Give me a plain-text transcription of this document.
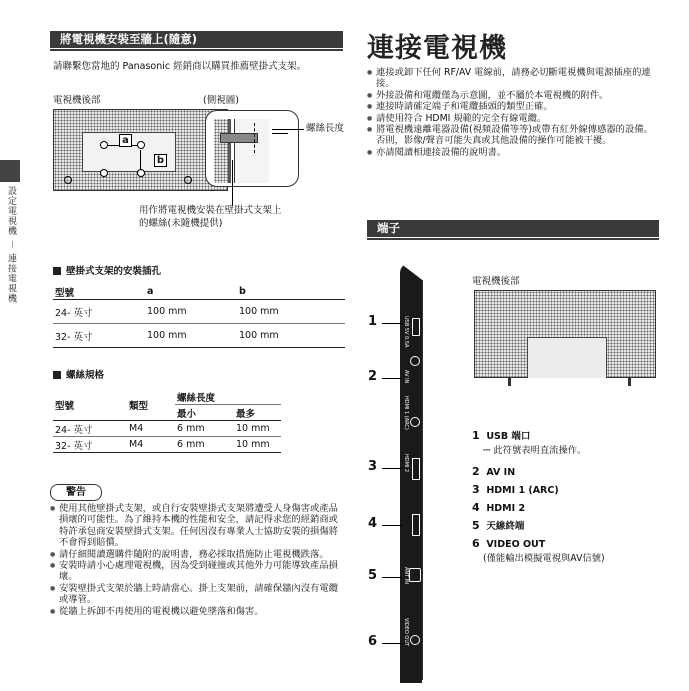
設定電視機 － 連接電視機
將電視機安裝至牆上(隨意)
請聯繫您當地的 Panasonic 經銷商以購買推薦壁掛式支架。
電視機後部	(側視圖)
a
b
螺絲長度
用作將電視機安裝在壁掛式支架上
的螺絲(未隨機提供)
壁掛式支架的安裝插孔
型號	a	b
24- 英寸	100 mm	100 mm
32- 英寸	100 mm	100 mm
螺絲規格
型號	類型	螺絲長度	
		最小	最多
24- 英寸	M4	6 mm	10 mm
32- 英寸	M4	6 mm	10 mm
警告
● 使用其他壁掛式支架，或自行安裝壁掛式支架將遭受人身傷害或產品損壞的可能性。為了維持本機的性能和安全，請記得求您的經銷商或特許承包商安裝壁掛式支架。任何因沒有專業人士協助安裝的損傷將不會得到賠償。
● 請仔細閱讀選購件隨附的說明書，務必採取措施防止電視機跌落。
● 安裝時請小心處理電視機，因為受到碰撞或其他外力可能導致產品損壞。
● 安裝壁掛式支架於牆上時請當心。掛上支架前，請確保牆內沒有電纜或導管。
● 從牆上拆卸不再使用的電視機以避免墜落和傷害。
連接電視機
● 連接或卸下任何 RF/AV 電線前，請務必切斷電視機與電源插座的連接。
● 外接設備和電纜僅為示意圖，並不屬於本電視機的附件。
● 連接時請確定端子和電纜插頭的類型正確。
● 請使用符合 HDMI 規範的完全有線電纜。
● 將電視機遠離電器設備(視頻設備等等)或帶有紅外線傳感器的設備。否則，影像/聲音可能失真或其他設備的操作可能被干擾。
● 亦請閱讀相連接設備的說明書。
端子
USB 5V 0.5A
AV IN
HDMI 1 (ARC)
HDMI 2
ANT IN
VIDEO OUT
1
2
3
4
5
6
電視機後部
1 USB 端口
⎓ 此符號表明直流操作。
2 AV IN
3 HDMI 1 (ARC)
4 HDMI 2
5 天線終端
6 VIDEO OUT
(僅能輸出模擬電視與AV信號)
